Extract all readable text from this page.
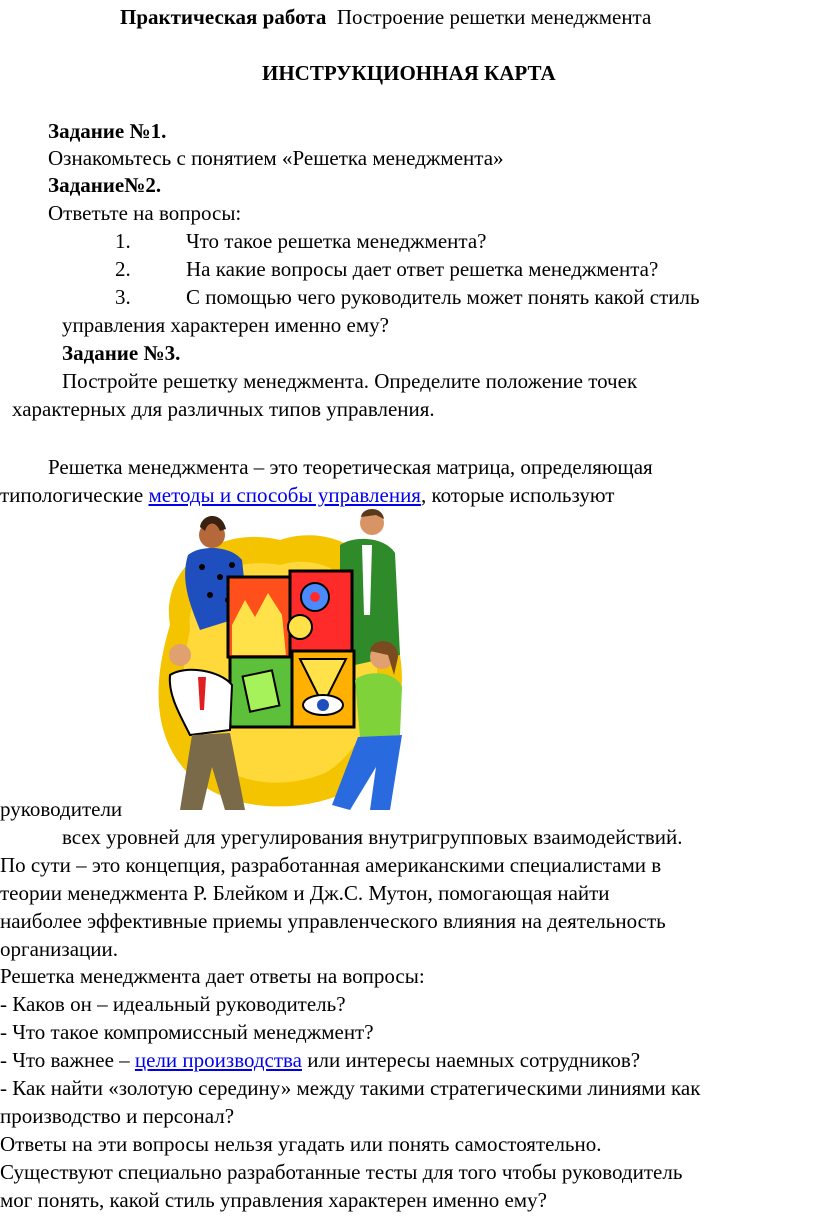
Практическая работа Построение решетки менеджмента
ИНСТРУКЦИОННАЯ КАРТА
Задание №1.
Ознакомьтесь с понятием «Решетка менеджмента»
Задание№2.
Ответьте на вопросы:
1.	Что такое решетка менеджмента?
2.	На какие вопросы дает ответ решетка менеджмента?
3.	С помощью чего руководитель может понять какой стиль
управления характерен именно ему?
Задание №3.
Постройте решетку менеджмента. Определите положение точек
характерных для различных типов управления.
Решетка менеджмента – это теоретическая матрица, определяющая
типологические методы и способы управления, которые используют
руководители
всех уровней для урегулирования внутригрупповых взаимодействий.
По сути – это концепция, разработанная американскими специалистами в
теории менеджмента Р. Блейком и Дж.С. Мутон, помогающая найти
наиболее эффективные приемы управленческого влияния на деятельность
организации.
Решетка менеджмента дает ответы на вопросы:
- Каков он – идеальный руководитель?
- Что такое компромиссный менеджмент?
- Что важнее – цели производства или интересы наемных сотрудников?
- Как найти «золотую середину» между такими стратегическими линиями как
производство и персонал?
Ответы на эти вопросы нельзя угадать или понять самостоятельно.
Существуют специально разработанные тесты для того чтобы руководитель
мог понять, какой стиль управления характерен именно ему?
